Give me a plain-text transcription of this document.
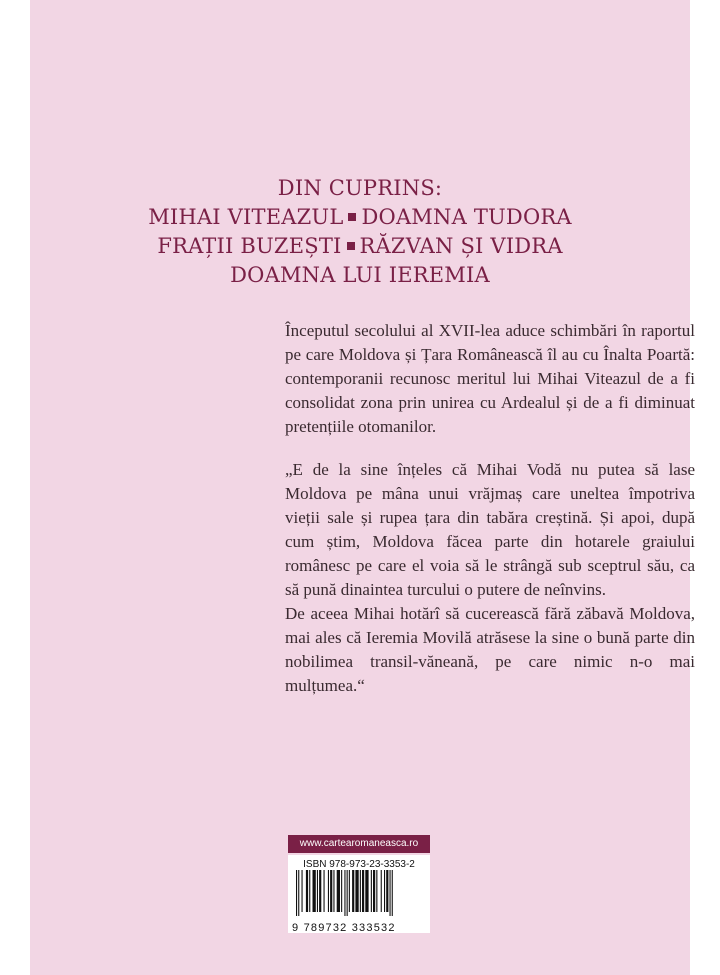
DIN CUPRINS:
MIHAI VITEAZUL DOAMNA TUDORA
FRAȚII BUZEȘTI RĂZVAN ȘI VIDRA
DOAMNA LUI IEREMIA

Începutul secolului al XVII-lea aduce schimbări în raportul pe care Moldova și Țara Românească îl au cu Înalta Poartă: contemporanii recunosc meritul lui Mihai Viteazul de a fi consolidat zona prin unirea cu Ardealul și de a fi diminuat pretențiile otomanilor.

„E de la sine înțeles că Mihai Vodă nu putea să lase Moldova pe mâna unui vrăjmaș care uneltea împotriva vieții sale și rupea țara din tabăra creștină. Și apoi, după cum știm, Moldova făcea parte din hotarele graiului românesc pe care el voia să le strângă sub sceptrul său, ca să pună dinaintea turcului o putere de neînvins.

De aceea Mihai hotărî să cucerească fără zăbavă Moldova, mai ales că Ieremia Movilă atrăsese la sine o bună parte din nobilimea transil-văneană, pe care nimic n-o mai mulțumea.“

www.cartearomaneasca.ro
ISBN 978-973-23-3353-2
9 789732 333532
